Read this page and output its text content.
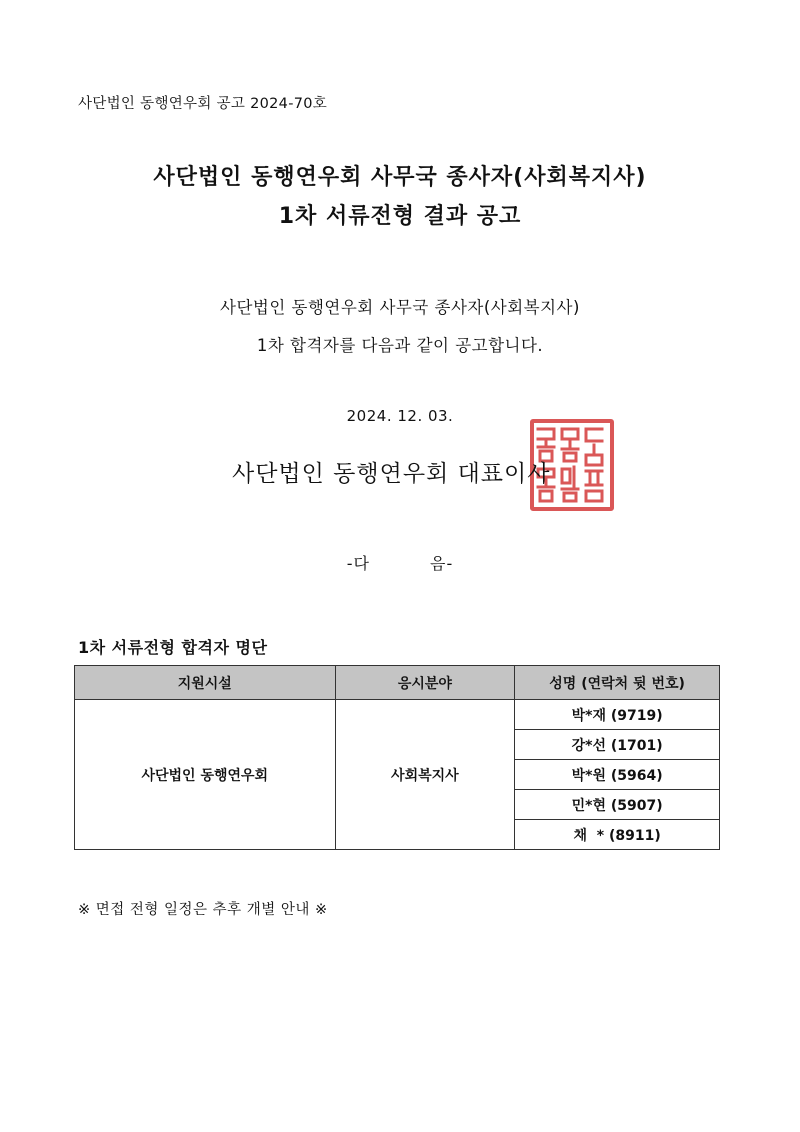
사단법인 동행연우회 공고 2024-70호
사단법인 동행연우회 사무국 종사자(사회복지사)
1차 서류전형 결과 공고
사단법인 동행연우회 사무국 종사자(사회복지사)
1차 합격자를 다음과 같이 공고합니다.
2024. 12. 03.
사단법인 동행연우회 대표이사
-다	음-
1차 서류전형 합격자 명단
지원시설	응시분야	성명 (연락처 뒷 번호)
사단법인 동행연우회	사회복지사	박*재 (9719)
		강*선 (1701)
		박*원 (5964)
		민*현 (5907)
		채  * (8911)
※ 면접 전형 일정은 추후 개별 안내 ※
